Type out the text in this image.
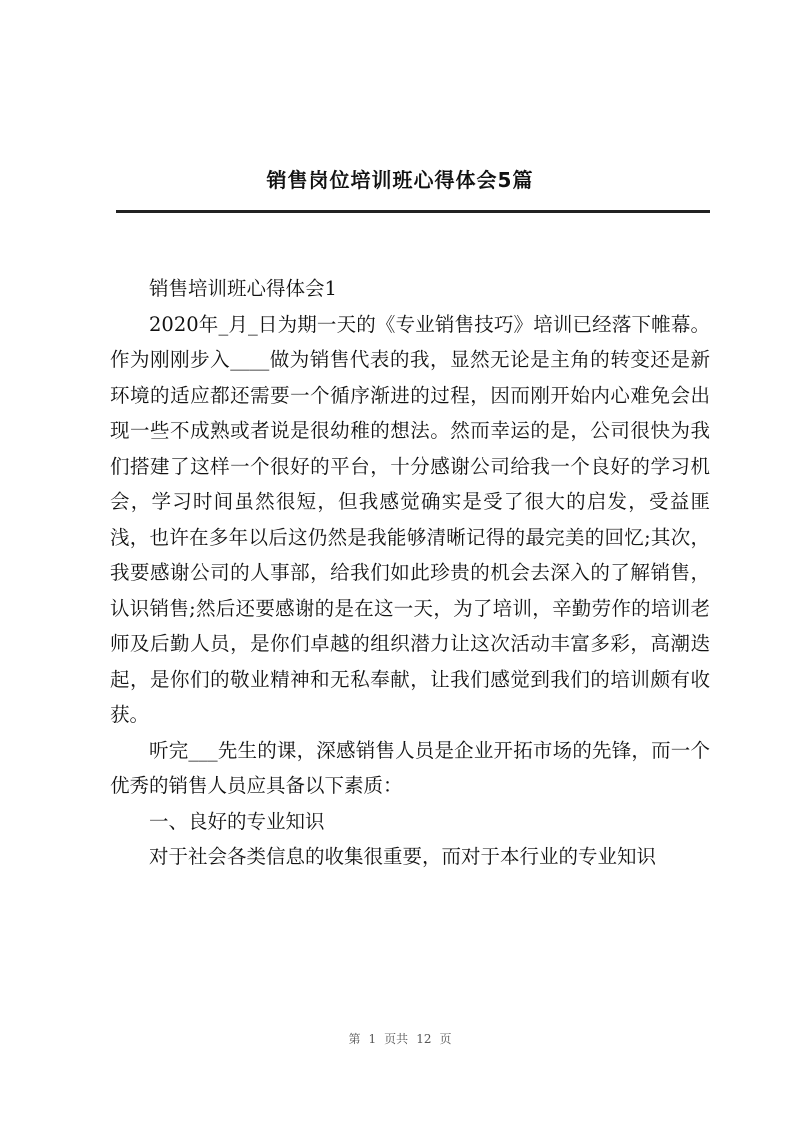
销售岗位培训班心得体会5篇

销售培训班心得体会1

2020年_月_日为期一天的《专业销售技巧》培训已经落下帷幕。作为刚刚步入____做为销售代表的我，显然无论是主角的转变还是新环境的适应都还需要一个循序渐进的过程，因而刚开始内心难免会出现一些不成熟或者说是很幼稚的想法。然而幸运的是，公司很快为我们搭建了这样一个很好的平台，十分感谢公司给我一个良好的学习机会，学习时间虽然很短，但我感觉确实是受了很大的启发，受益匪浅，也许在多年以后这仍然是我能够清晰记得的最完美的回忆;其次，我要感谢公司的人事部，给我们如此珍贵的机会去深入的了解销售，认识销售;然后还要感谢的是在这一天，为了培训，辛勤劳作的培训老师及后勤人员，是你们卓越的组织潜力让这次活动丰富多彩，高潮迭起，是你们的敬业精神和无私奉献，让我们感觉到我们的培训颇有收获。

听完___先生的课，深感销售人员是企业开拓市场的先锋，而一个优秀的销售人员应具备以下素质：

一、良好的专业知识

对于社会各类信息的收集很重要，而对于本行业的专业知识

第 1 页共 12 页
